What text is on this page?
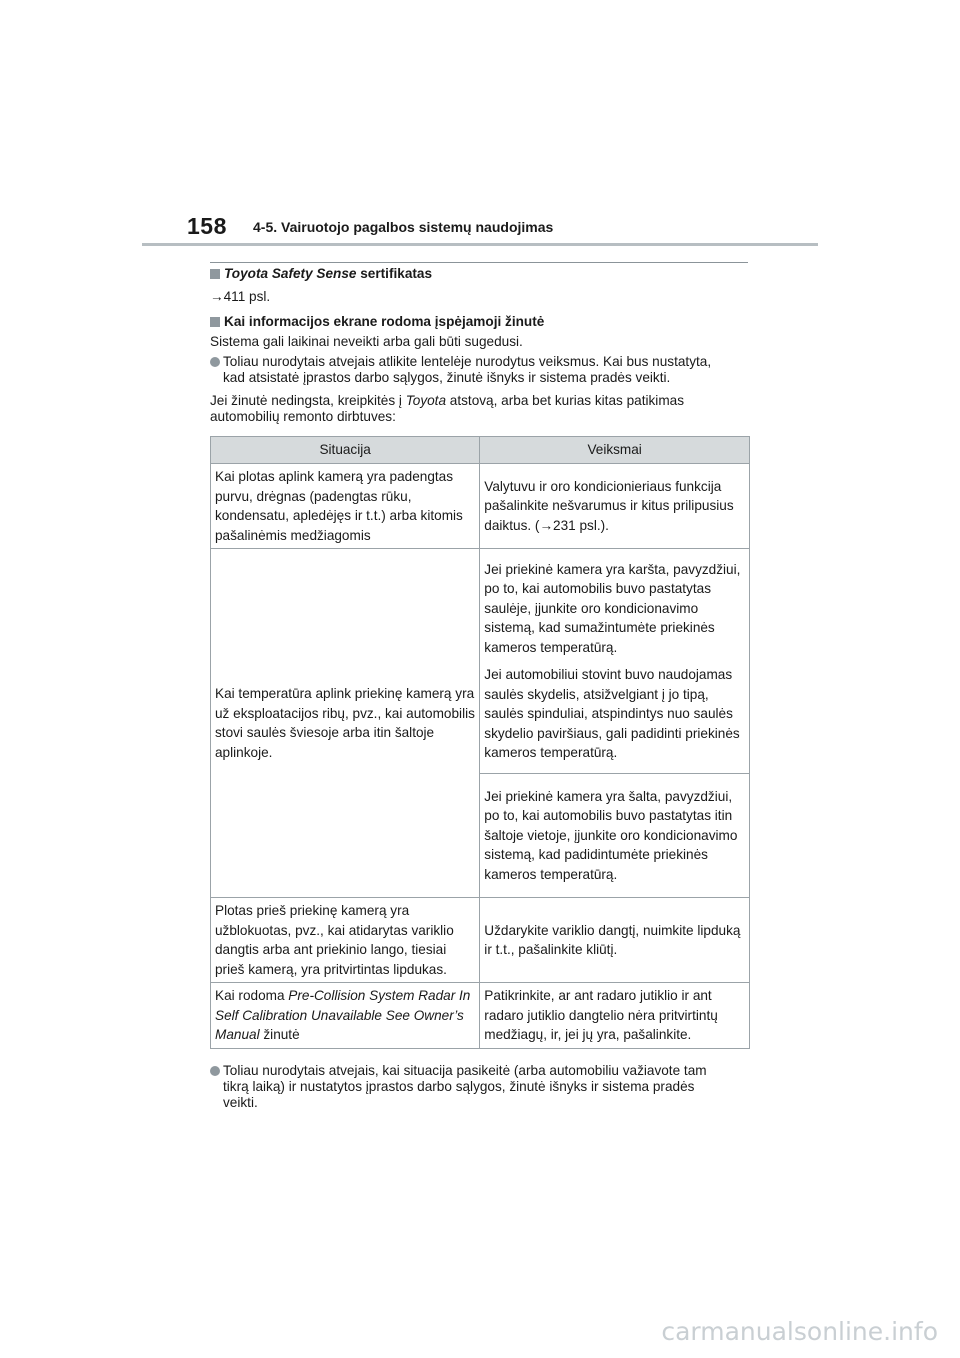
158 4-5. Vairuotojo pagalbos sistemų naudojimas

Toyota Safety Sense sertifikatas

→411 psl.

Kai informacijos ekrane rodoma įspėjamoji žinutė

Sistema gali laikinai neveikti arba gali būti sugedusi.

Toliau nurodytais atvejais atlikite lentelėje nurodytus veiksmus. Kai bus nustatyta,
kad atsistatė įprastos darbo sąlygos, žinutė išnyks ir sistema pradės veikti.

Jei žinutė nedingsta, kreipkitės į Toyota atstovą, arba bet kurias kitas patikimas
automobilių remonto dirbtuves:

Situacija	Veiksmai
Kai plotas aplink kamerą yra padengtas purvu, drėgnas (padengtas rūku, kondensatu, apledėjęs ir t.t.) arba kitomis pašalinėmis medžiagomis	Valytuvu ir oro kondicionieriaus funkcija pašalinkite nešvarumus ir kitus prilipusius daiktus. (→231 psl.).
Kai temperatūra aplink priekinę kamerą yra už eksploatacijos ribų, pvz., kai automobilis stovi saulės šviesoje arba itin šaltoje aplinkoje.	Jei priekinė kamera yra karšta, pavyzdžiui, po to, kai automobilis buvo pastatytas saulėje, įjunkite oro kondicionavimo sistemą, kad sumažintumėte priekinės kameros temperatūrą.

Jei automobiliui stovint buvo naudojamas saulės skydelis, atsižvelgiant į jo tipą, saulės spinduliai, atspindintys nuo saulės skydelio paviršiaus, gali padidinti priekinės kameros temperatūrą.

	Jei priekinė kamera yra šalta, pavyzdžiui, po to, kai automobilis buvo pastatytas itin šaltoje vietoje, įjunkite oro kondicionavimo sistemą, kad padidintumėte priekinės kameros temperatūrą.
Plotas prieš priekinę kamerą yra užblokuotas, pvz., kai atidarytas variklio dangtis arba ant priekinio lango, tiesiai prieš kamerą, yra pritvirtintas lipdukas.	Uždarykite variklio dangtį, nuimkite lipduką ir t.t., pašalinkite kliūtį.
Kai rodoma Pre-Collision System Radar In Self Calibration Unavailable See Owner’s Manual žinutė	Patikrinkite, ar ant radaro jutiklio ir ant radaro jutiklio dangtelio nėra pritvirtintų medžiagų, ir, jei jų yra, pašalinkite.
Toliau nurodytais atvejais, kai situacija pasikeitė (arba automobiliu važiavote tam
tikrą laiką) ir nustatytos įprastos darbo sąlygos, žinutė išnyks ir sistema pradės
veikti.
carmanualsonline.info
